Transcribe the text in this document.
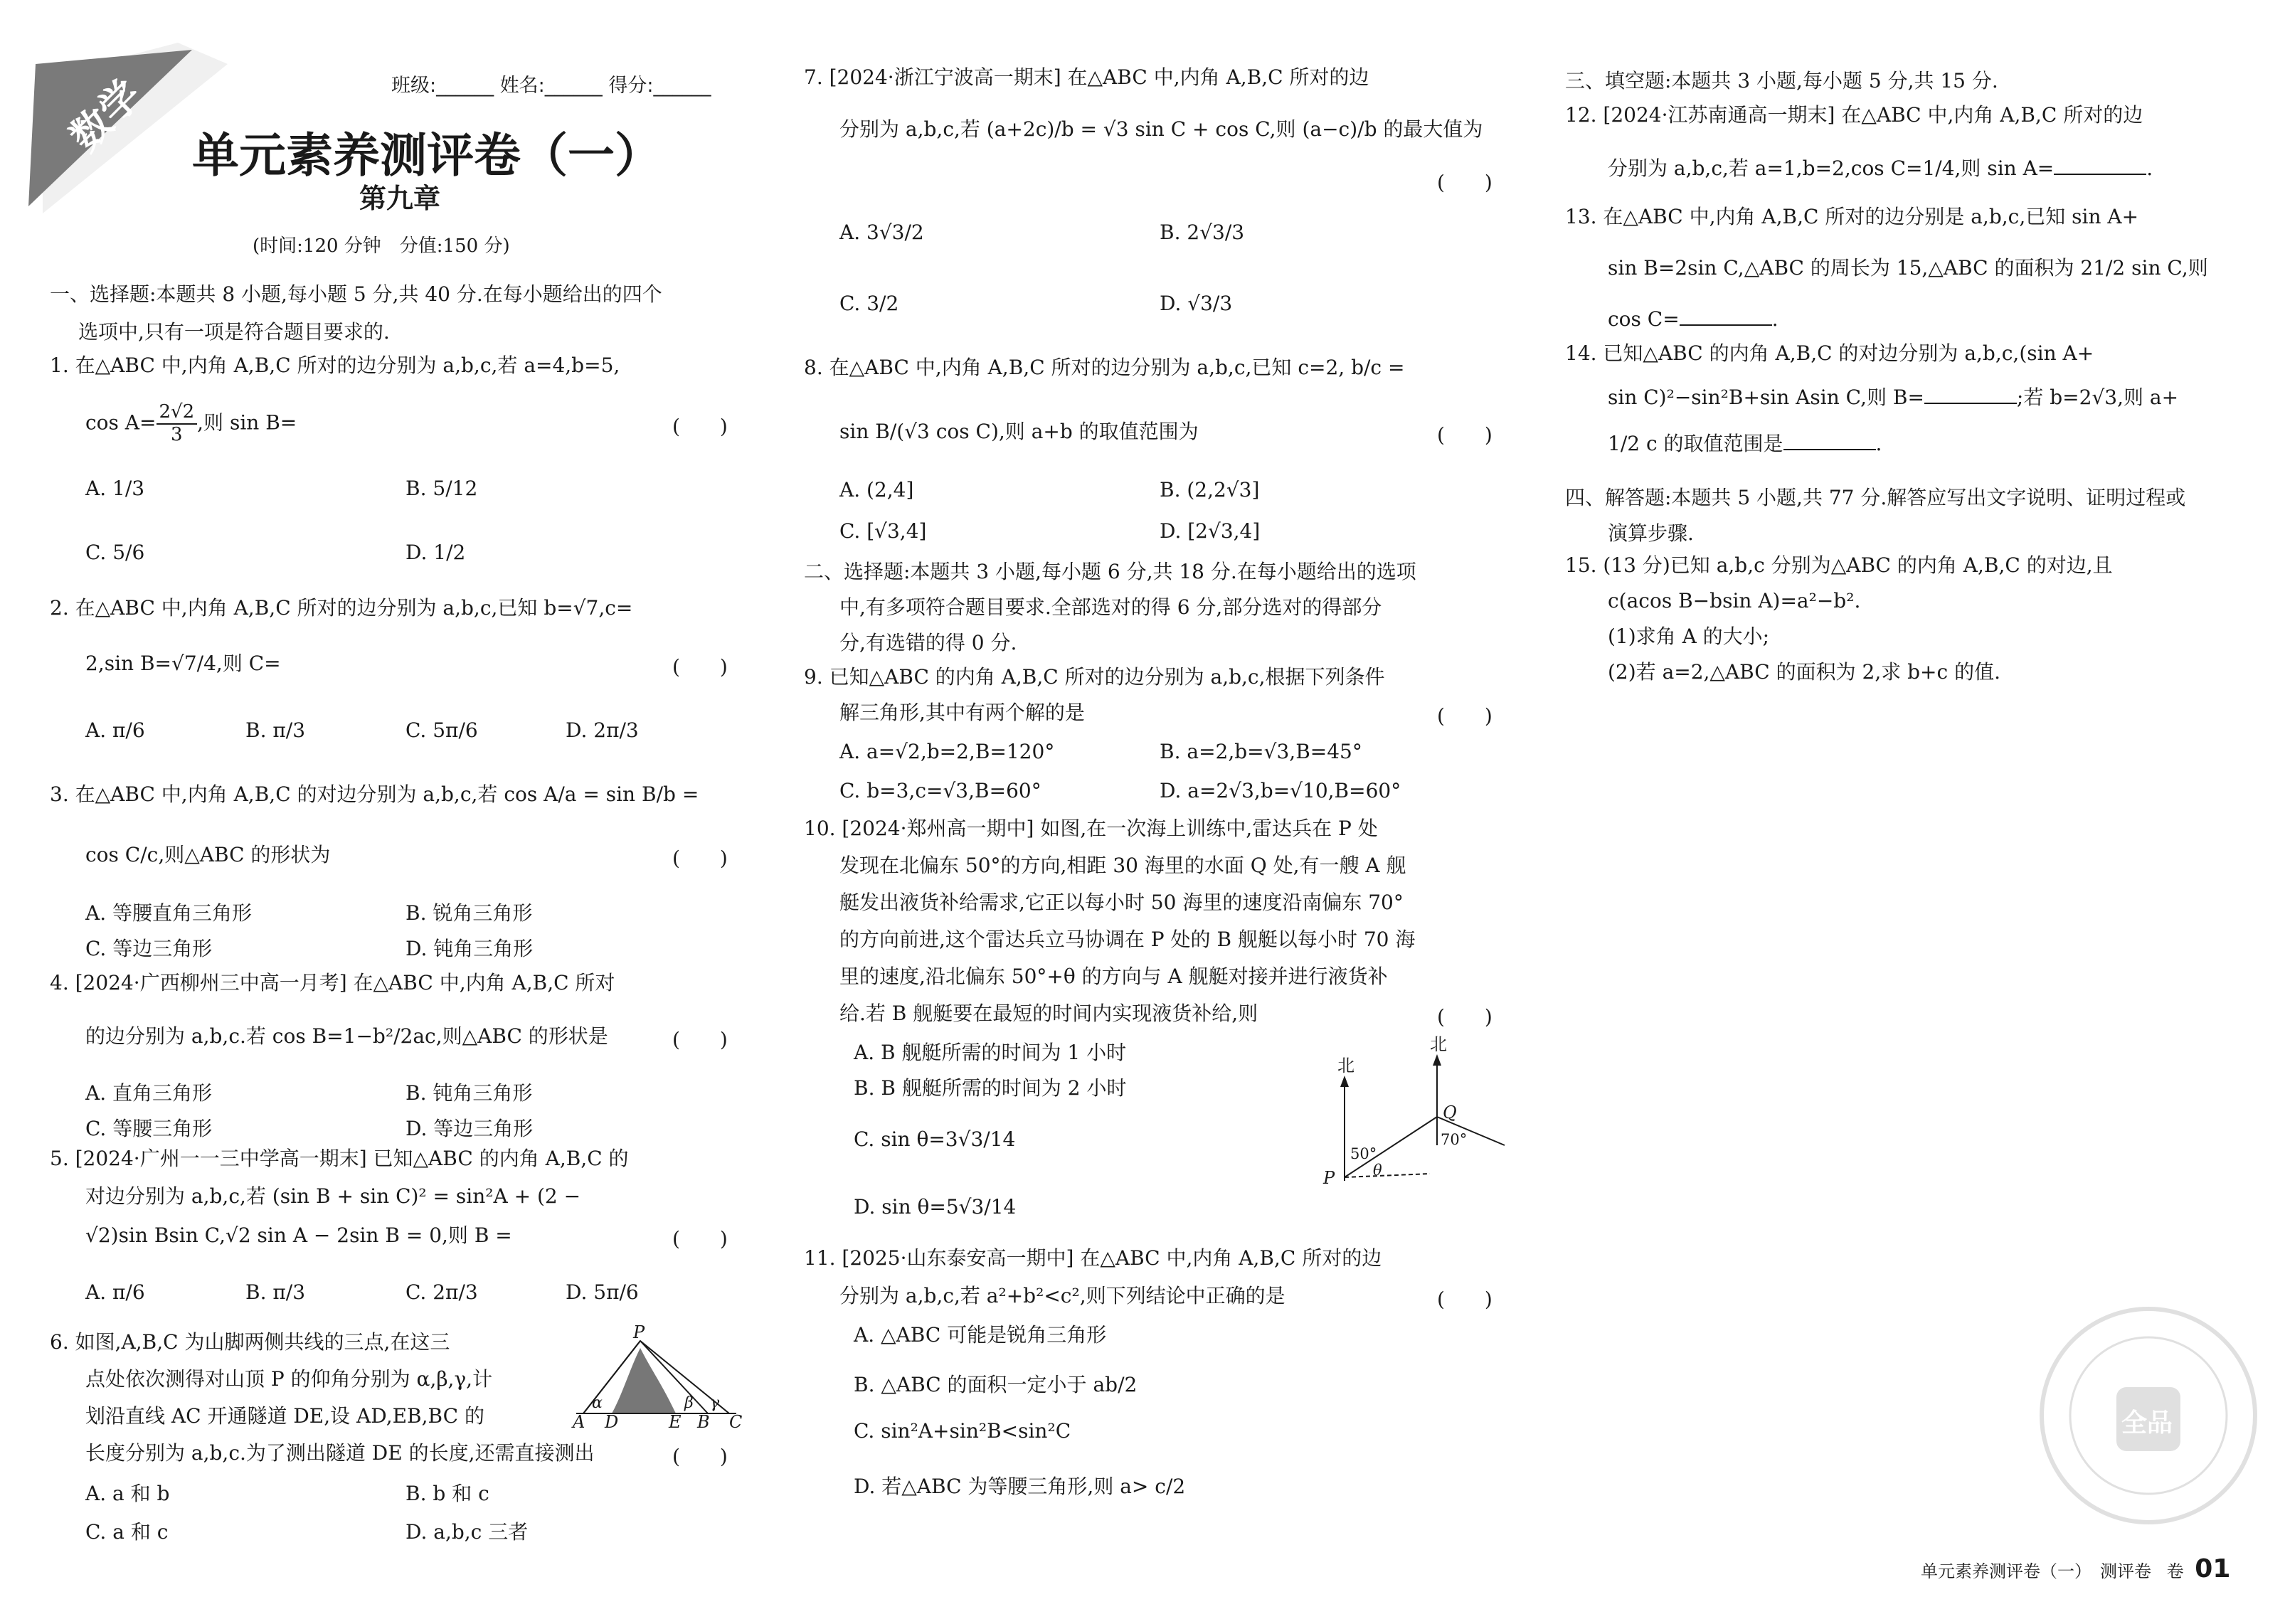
数学	班级:______ 姓名:______ 得分:______
单元素养测评卷（一）
第九章
(时间:120 分钟　分值:150 分)
一、选择题:本题共 8 小题,每小题 5 分,共 40 分.在每小题给出的四个
选项中,只有一项是符合题目要求的.
1. 在△ABC 中,内角 A,B,C 所对的边分别为 a,b,c,若 a=4,b=5,
$\cos A= \frac{2√2}{3}$ ,则 sin B=	(　　)
A. 1/3	B. 5/12
C. 5/6	D. 1/2
2. 在△ABC 中,内角 A,B,C 所对的边分别为 a,b,c,已知 b=√7,c=
2,sin B=√7/4,则 C=	(　　)
A. π/6	B. π/3	C. 5π/6	D. 2π/3
3. 在△ABC 中,内角 A,B,C 的对边分别为 a,b,c,若 cos A/a = sin B/b =
cos C/c,则△ABC 的形状为	(　　)
A. 等腰直角三角形	B. 锐角三角形
C. 等边三角形	D. 钝角三角形
4. [2024·广西柳州三中高一月考] 在△ABC 中,内角 A,B,C 所对
的边分别为 a,b,c.若 cos B=1−b²/2ac,则△ABC 的形状是	(　　)
A. 直角三角形	B. 钝角三角形
C. 等腰三角形	D. 等边三角形
5. [2024·广州一一三中学高一期末] 已知△ABC 的内角 A,B,C 的
对边分别为 a,b,c,若 (sin B + sin C)² = sin²A + (2 −
√2)sin Bsin C,√2 sin A − 2sin B = 0,则 B =	(　　)
A. π/6	B. π/3	C. 2π/3	D. 5π/6
6. 如图,A,B,C 为山脚两侧共线的三点,在这三
点处依次测得对山顶 P 的仰角分别为 α,β,γ,计
划沿直线 AC 开通隧道 DE,设 AD,EB,BC 的
长度分别为 a,b,c.为了测出隧道 DE 的长度,还需直接测出	(　　)
A. a 和 b	B. b 和 c
C. a 和 c	D. a,b,c 三者
P
A D	E B C
α	β γ
7. [2024·浙江宁波高一期末] 在△ABC 中,内角 A,B,C 所对的边
分别为 a,b,c,若 (a+2c)/b = √3 sin C + cos C,则 (a−c)/b 的最大值为
(　　)
A. 3√3/2	B. 2√3/3
C. 3/2	D. √3/3
8. 在△ABC 中,内角 A,B,C 所对的边分别为 a,b,c,已知 c=2, b/c =
sin B/(√3 cos C),则 a+b 的取值范围为	(　　)
A. (2,4]	B. (2,2√3]
C. [√3,4]	D. [2√3,4]
二、选择题:本题共 3 小题,每小题 6 分,共 18 分.在每小题给出的选项
中,有多项符合题目要求.全部选对的得 6 分,部分选对的得部分
分,有选错的得 0 分.
9. 已知△ABC 的内角 A,B,C 所对的边分别为 a,b,c,根据下列条件
解三角形,其中有两个解的是	(　　)
A. a=√2,b=2,B=120°	B. a=2,b=√3,B=45°
C. b=3,c=√3,B=60°	D. a=2√3,b=√10,B=60°
10. [2024·郑州高一期中] 如图,在一次海上训练中,雷达兵在 P 处
发现在北偏东 50°的方向,相距 30 海里的水面 Q 处,有一艘 A 舰
艇发出液货补给需求,它正以每小时 50 海里的速度沿南偏东 70°
的方向前进,这个雷达兵立马协调在 P 处的 B 舰艇以每小时 70 海
里的速度,沿北偏东 50°+θ 的方向与 A 舰艇对接并进行液货补
给.若 B 舰艇要在最短的时间内实现液货补给,则	(　　)
A. B 舰艇所需的时间为 1 小时
B. B 舰艇所需的时间为 2 小时
C. sin θ=3√3/14
D. sin θ=5√3/14
北
北
Q
P
50°
70°
θ
11. [2025·山东泰安高一期中] 在△ABC 中,内角 A,B,C 所对的边
分别为 a,b,c,若 a²+b²<c²,则下列结论中正确的是	(　　)
A. △ABC 可能是锐角三角形
B. △ABC 的面积一定小于 ab/2
C. sin²A+sin²B<sin²C
D. 若△ABC 为等腰三角形,则 a> c/2
三、填空题:本题共 3 小题,每小题 5 分,共 15 分.
12. [2024·江苏南通高一期末] 在△ABC 中,内角 A,B,C 所对的边
分别为 a,b,c,若 a=1,b=2,cos C=1/4,则 sin A=	.
13. 在△ABC 中,内角 A,B,C 所对的边分别是 a,b,c,已知 sin A+
sin B=2sin C,△ABC 的周长为 15,△ABC 的面积为 21/2 sin C,则
cos C=	.
14. 已知△ABC 的内角 A,B,C 的对边分别为 a,b,c,(sin A+
sin C)²−sin²B+sin Asin C,则 B=	;若 b=2√3,则 a+
1/2 c 的取值范围是	.
四、解答题:本题共 5 小题,共 77 分.解答应写出文字说明、证明过程或
演算步骤.
15. (13 分)已知 a,b,c 分别为△ABC 的内角 A,B,C 的对边,且
c(acos B−bsin A)=a²−b².
(1)求角 A 的大小;
(2)若 a=2,△ABC 的面积为 2,求 b+c 的值.
全品
单元素养测评卷（一）　测评卷 卷 01
